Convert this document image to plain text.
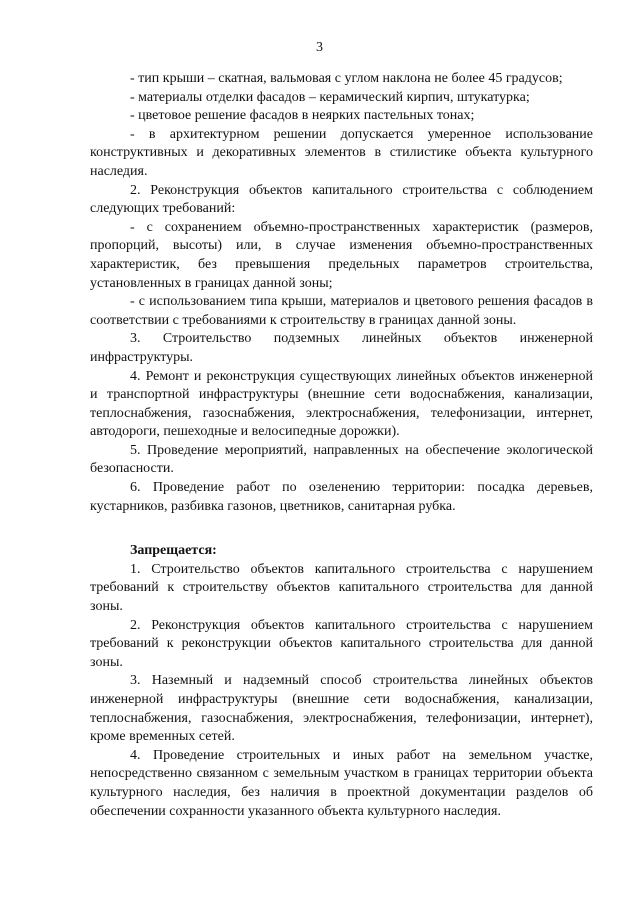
3

- тип крыши – скатная, вальмовая с углом наклона не более 45 градусов;

- материалы отделки фасадов – керамический кирпич, штукатурка;

- цветовое решение фасадов в неярких пастельных тонах;

- в архитектурном решении допускается умеренное использование конструктивных и декоративных элементов в стилистике объекта культурного наследия.

2. Реконструкция объектов капитального строительства с соблюдением следующих требований:

- с сохранением объемно-пространственных характеристик (размеров, пропорций, высоты) или, в случае изменения объемно-пространственных характеристик, без превышения предельных параметров строительства, установленных в границах данной зоны;

- с использованием типа крыши, материалов и цветового решения фасадов в соответствии с требованиями к строительству в границах данной зоны.

3. Строительство подземных линейных объектов инженерной инфраструктуры.

4. Ремонт и реконструкция существующих линейных объектов инженерной и транспортной инфраструктуры (внешние сети водоснабжения, канализации, теплоснабжения, газоснабжения, электроснабжения, телефонизации, интернет, автодороги, пешеходные и велосипедные дорожки).

5. Проведение мероприятий, направленных на обеспечение экологической безопасности.

6. Проведение работ по озеленению территории: посадка деревьев, кустарников, разбивка газонов, цветников, санитарная рубка.

Запрещается:

1. Строительство объектов капитального строительства с нарушением требований к строительству объектов капитального строительства для данной зоны.

2. Реконструкция объектов капитального строительства с нарушением требований к реконструкции объектов капитального строительства для данной зоны.

3. Наземный и надземный способ строительства линейных объектов инженерной инфраструктуры (внешние сети водоснабжения, канализации, теплоснабжения, газоснабжения, электроснабжения, телефонизации, интернет), кроме временных сетей.

4. Проведение строительных и иных работ на земельном участке, непосредственно связанном с земельным участком в границах территории объекта культурного наследия, без наличия в проектной документации разделов об обеспечении сохранности указанного объекта культурного наследия.
